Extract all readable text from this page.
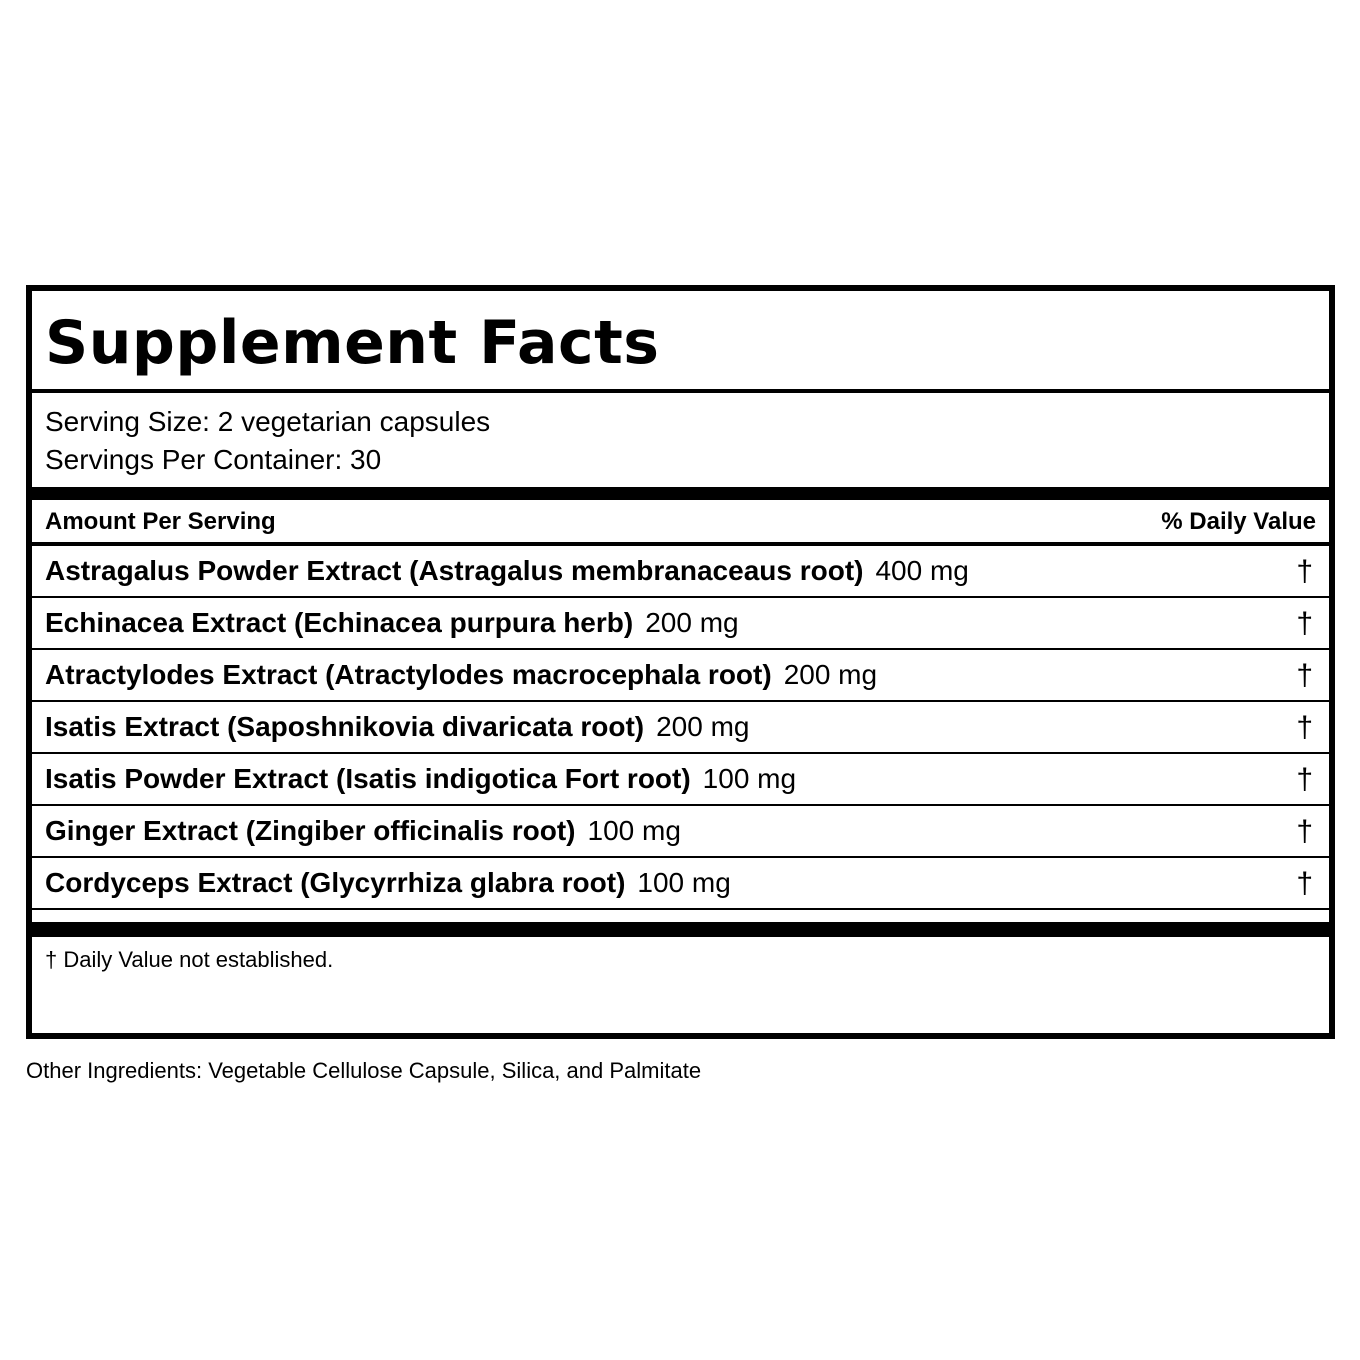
Supplement Facts
Serving Size: 2 vegetarian capsules
Servings Per Container: 30
Amount Per Serving	% Daily Value
Astragalus Powder Extract (Astragalus membranaceaus root) 400 mg	†
Echinacea Extract (Echinacea purpura herb) 200 mg	†
Atractylodes Extract (Atractylodes macrocephala root) 200 mg	†
Isatis Extract (Saposhnikovia divaricata root) 200 mg	†
Isatis Powder Extract (Isatis indigotica Fort root) 100 mg	†
Ginger Extract (Zingiber officinalis root) 100 mg	†
Cordyceps Extract (Glycyrrhiza glabra root) 100 mg	†
† Daily Value not established.
Other Ingredients: Vegetable Cellulose Capsule, Silica, and Palmitate
